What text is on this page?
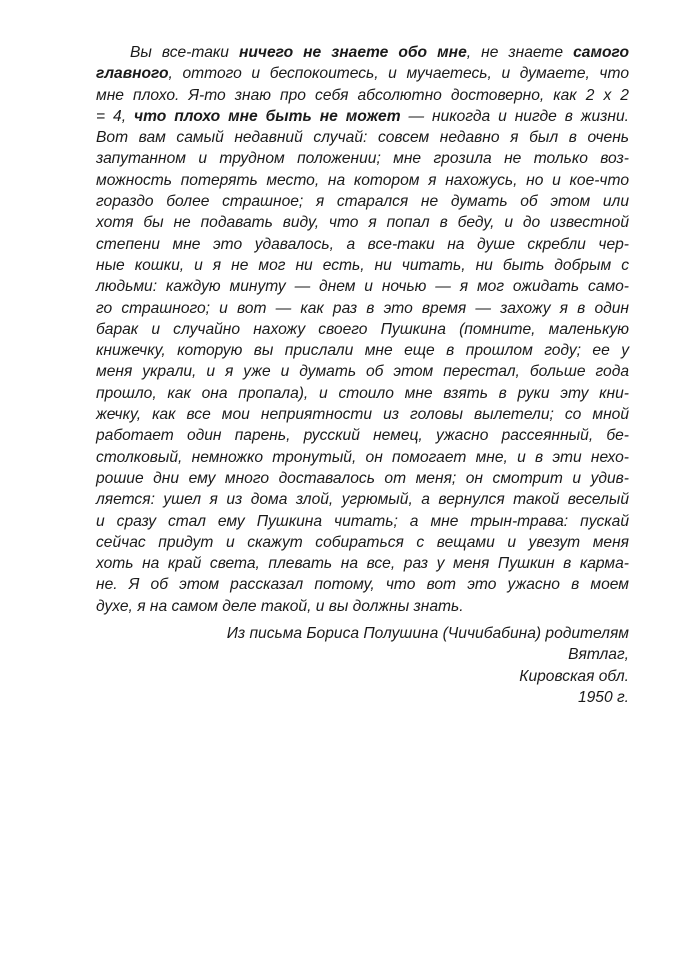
Вы все-таки ничего не знаете обо мне, не знаете самого
главного, оттого и беспокоитесь, и мучаетесь, и думаете, что
мне плохо. Я-то знаю про себя абсолютно достоверно, как 2 х 2
= 4, что плохо мне быть не может — никогда и нигде в жизни.
Вот вам самый недавний случай: совсем недавно я был в очень
запутанном и трудном положении; мне грозила не только воз-
можность потерять место, на котором я нахожусь, но и кое-что
гораздо более страшное; я старался не думать об этом или
хотя бы не подавать виду, что я попал в беду, и до известной
степени мне это удавалось, а все-таки на душе скребли чер-
ные кошки, и я не мог ни есть, ни читать, ни быть добрым с
людьми: каждую минуту — днем и ночью — я мог ожидать само-
го страшного; и вот — как раз в это время — захожу я в один
барак и случайно нахожу своего Пушкина (помните, маленькую
книжечку, которую вы прислали мне еще в прошлом году; ее у
меня украли, и я уже и думать об этом перестал, больше года
прошло, как она пропала), и стоило мне взять в руки эту кни-
жечку, как все мои неприятности из головы вылетели; со мной
работает один парень, русский немец, ужасно рассеянный, бе-
столковый, немножко тронутый, он помогает мне, и в эти нехо-
рошие дни ему много доставалось от меня; он смотрит и удив-
ляется: ушел я из дома злой, угрюмый, а вернулся такой веселый
и сразу стал ему Пушкина читать; а мне трын-трава: пускай
сейчас придут и скажут собираться с вещами и увезут меня
хоть на край света, плевать на все, раз у меня Пушкин в карма-
не. Я об этом рассказал потому, что вот это ужасно в моем
духе, я на самом деле такой, и вы должны знать.
Из письма Бориса Полушина (Чичибабина) родителям
Вятлаг,
Кировская обл.
1950 г.
